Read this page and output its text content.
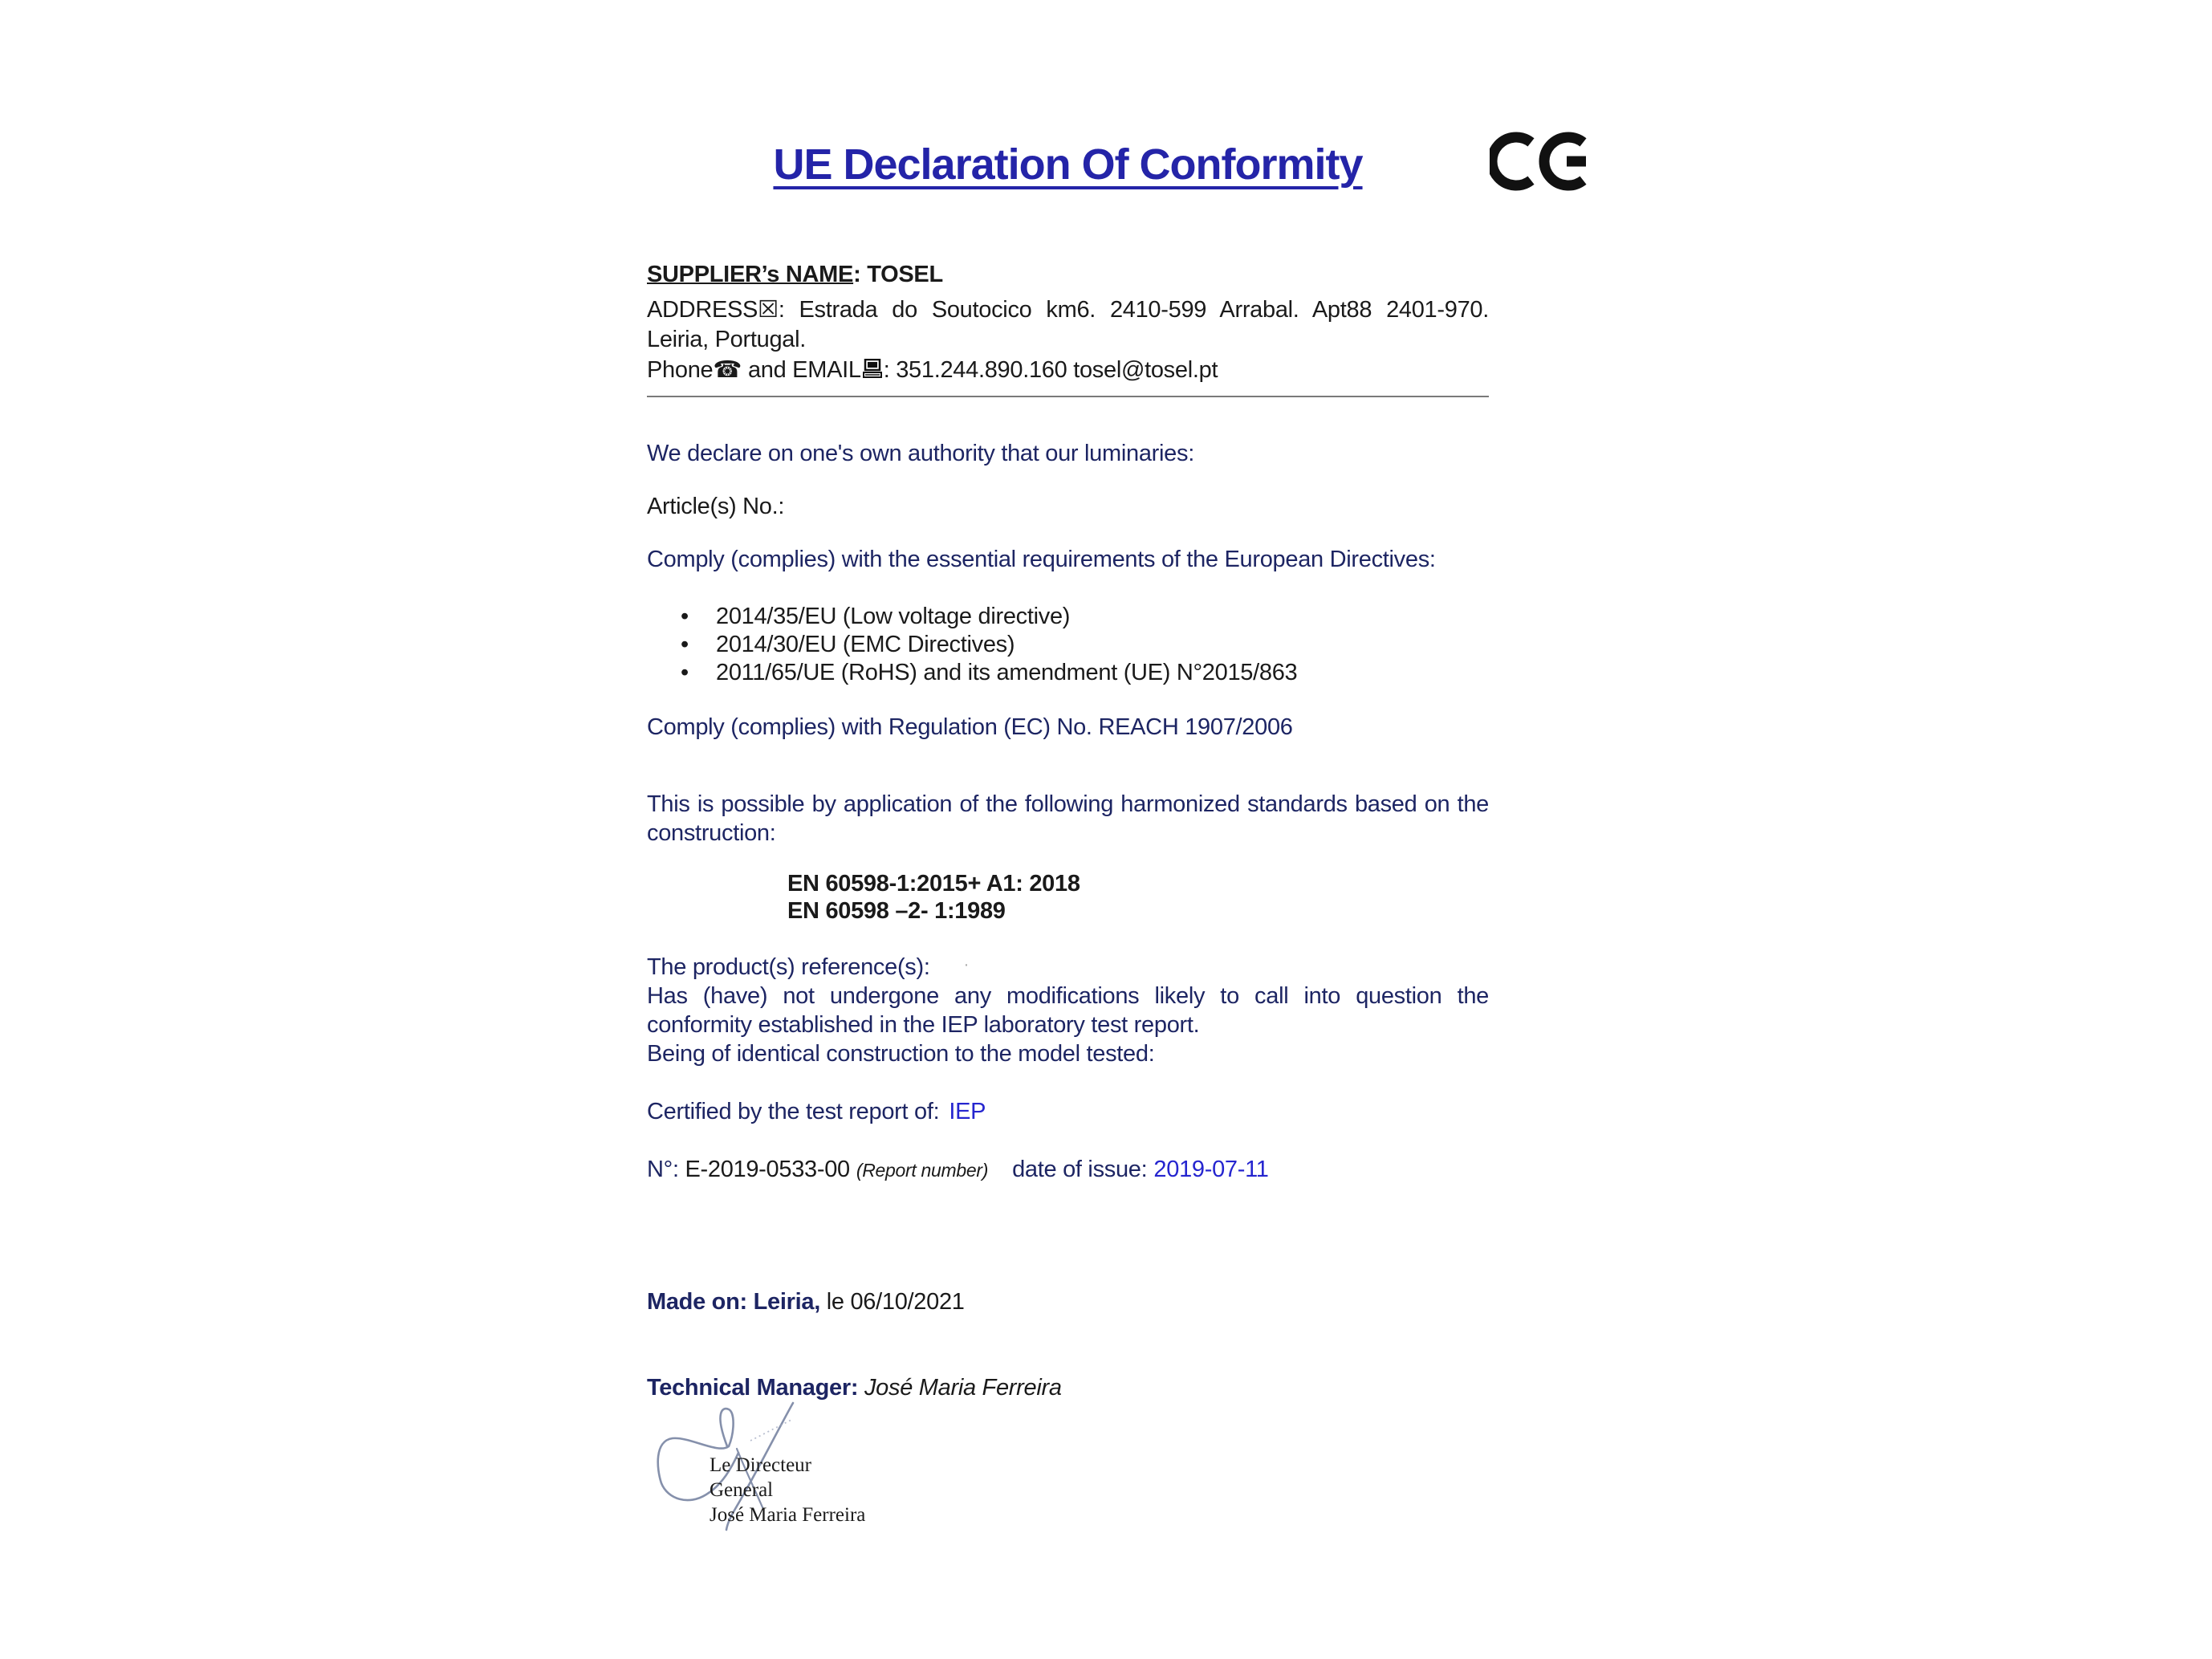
UE Declaration Of Conformity

SUPPLIER’s NAME: TOSEL

ADDRESS☒: Estrada do Soutocico km6. 2410-599 Arrabal. Apt88 2401-970. Leiria, Portugal.

Phone☎ and EMAIL : 351.244.890.160 tosel@tosel.pt

We declare on one's own authority that our luminaries:

Article(s) No.:

Comply (complies) with the essential requirements of the European Directives:

• 2014/35/EU (Low voltage directive)
• 2014/30/EU (EMC Directives)
• 2011/65/UE (RoHS) and its amendment (UE) N°2015/863

Comply (complies) with Regulation (EC) No. REACH 1907/2006

This is possible by application of the following harmonized standards based on the construction:

EN 60598-1:2015+ A1: 2018

EN 60598 –2- 1:1989

The product(s) reference(s): ·

Has (have) not undergone any modifications likely to call into question the conformity established in the IEP laboratory test report.

Being of identical construction to the model tested:

Certified by the test report of: IEP

N°: E-2019-0533-00 (Report number) date of issue: 2019-07-11

Made on: Leiria, le 06/10/2021

Technical Manager: José Maria Ferreira

Le Directeur General
José Maria Ferreira
